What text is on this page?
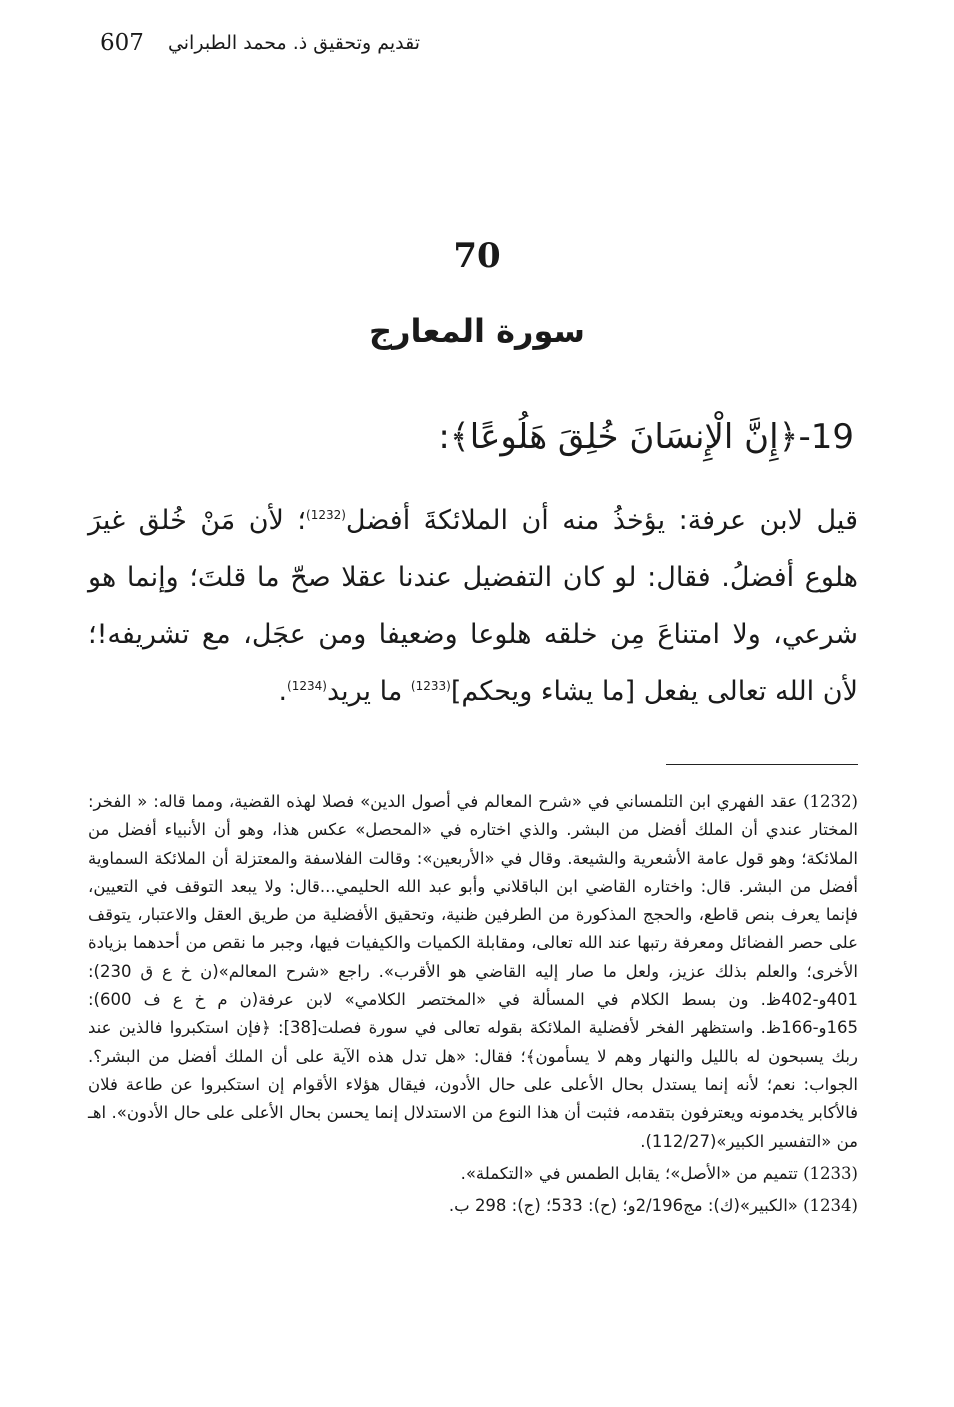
تقديم وتحقيق ذ. محمد الطبراني
607
70
سورة المعارج
19-﴿إِنَّ الْإِنسَانَ خُلِقَ هَلُوعًا﴾:
قيل لابن عرفة: يؤخذُ منه أن الملائكةَ أفضل$^{(1232)}$؛ لأن مَنْ خُلق غيرَ هلوع أفضلُ. فقال: لو كان التفضيل عندنا عقلا صحّ ما قلتَ؛ وإنما هو شرعي، ولا امتناعَ مِن خلقه هلوعا وضعيفا ومن عجَل، مع تشريفه!؛ لأن الله تعالى يفعل [ما يشاء ويحكم]$^{(1233)}$ ما يريد$^{(1234)}$.

(1232) عقد الفهري ابن التلمساني في «شرح المعالم في أصول الدين» فصلا لهذه القضية، ومما قاله: « الفخر: المختار عندي أن الملك أفضل من البشر. والذي اختاره في «المحصل» عكس هذا، وهو أن الأنبياء أفضل من الملائكة؛ وهو قول عامة الأشعرية والشيعة. وقال في «الأربعين»: وقالت الفلاسفة والمعتزلة أن الملائكة السماوية أفضل من البشر. قال: واختاره القاضي ابن الباقلاني وأبو عبد الله الحليمي...قال: ولا يبعد التوقف في التعيين، فإنما يعرف بنص قاطع، والحجج المذكورة من الطرفين ظنية، وتحقيق الأفضلية من طريق العقل والاعتبار، يتوقف على حصر الفضائل ومعرفة رتبها عند الله تعالى، ومقابلة الكميات والكيفيات فيها، وجبر ما نقص من أحدهما بزيادة الأخرى؛ والعلم بذلك عزيز، ولعل ما صار إليه القاضي هو الأقرب». راجع «شرح المعالم»(ن خ ع ق 230): 401و-402ظ. ون بسط الكلام في المسألة في «المختصر الكلامي» لابن عرفة(ن م خ ع ف 600): 165و-166ظ. واستظهر الفخر لأفضلية الملائكة بقوله تعالى في سورة فصلت[38]: ﴿فإن استكبروا فالذين عند ربك يسبحون له بالليل والنهار وهم لا يسأمون﴾؛ فقال: «هل تدل هذه الآية على أن الملك أفضل من البشر؟. الجواب: نعم؛ لأنه إنما يستدل بحال الأعلى على حال الأدون، فيقال هؤلاء الأقوام إن استكبروا عن طاعة فلان فالأكابر يخدمونه ويعترفون بتقدمه، فثبت أن هذا النوع من الاستدلال إنما يحسن بحال الأعلى على حال الأدون». اهـ من «التفسير الكبير»(112/27).

(1233) تتميم من «الأصل»؛ يقابل الطمس في «التكملة».

(1234) «الكبير»(ك): مج2/196و؛ (ح): 533؛ (ج): 298 ب.
